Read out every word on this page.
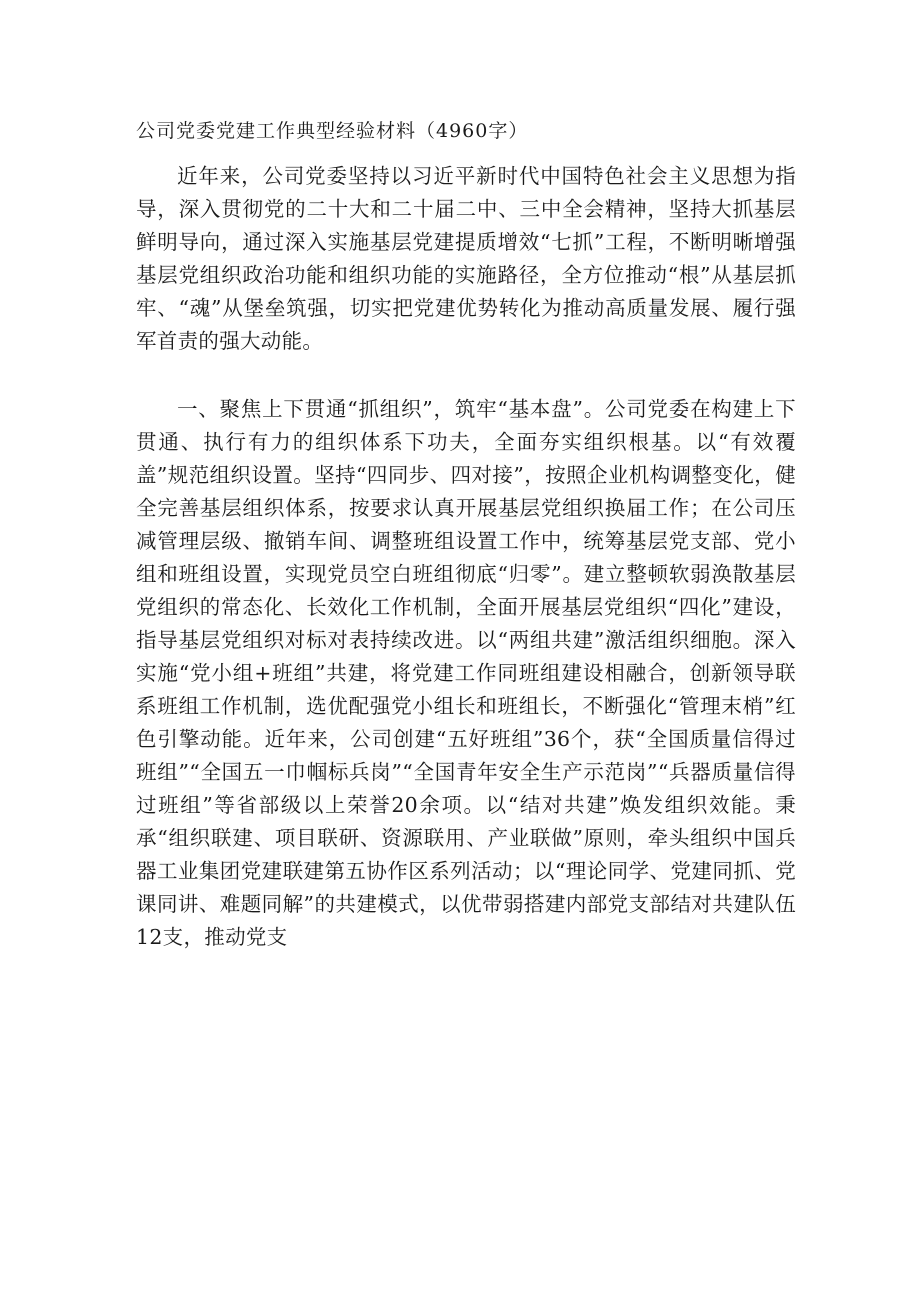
公司党委党建工作典型经验材料（4960字）

近年来，公司党委坚持以习近平新时代中国特色社会主义思想为指导，深入贯彻党的二十大和二十届二中、三中全会精神，坚持大抓基层鲜明导向，通过深入实施基层党建提质增效“七抓”工程，不断明晰增强基层党组织政治功能和组织功能的实施路径，全方位推动“根”从基层抓牢、“魂”从堡垒筑强，切实把党建优势转化为推动高质量发展、履行强军首责的强大动能。

一、聚焦上下贯通“抓组织”，筑牢“基本盘”。公司党委在构建上下贯通、执行有力的组织体系下功夫，全面夯实组织根基。以“有效覆盖”规范组织设置。坚持“四同步、四对接”，按照企业机构调整变化，健全完善基层组织体系，按要求认真开展基层党组织换届工作；在公司压减管理层级、撤销车间、调整班组设置工作中，统筹基层党支部、党小组和班组设置，实现党员空白班组彻底“归零”。建立整顿软弱涣散基层党组织的常态化、长效化工作机制，全面开展基层党组织“四化”建设，指导基层党组织对标对表持续改进。以“两组共建”激活组织细胞。深入实施“党小组+班组”共建，将党建工作同班组建设相融合，创新领导联系班组工作机制，选优配强党小组长和班组长，不断强化“管理末梢”红色引擎动能。近年来，公司创建“五好班组”36个，获“全国质量信得过班组”“全国五一巾帼标兵岗”“全国青年安全生产示范岗”“兵器质量信得过班组”等省部级以上荣誉20余项。以“结对共建”焕发组织效能。秉承“组织联建、项目联研、资源联用、产业联做”原则，牵头组织中国兵器工业集团党建联建第五协作区系列活动；以“理论同学、党建同抓、党课同讲、难题同解”的共建模式，以优带弱搭建内部党支部结对共建队伍12支，推动党支
